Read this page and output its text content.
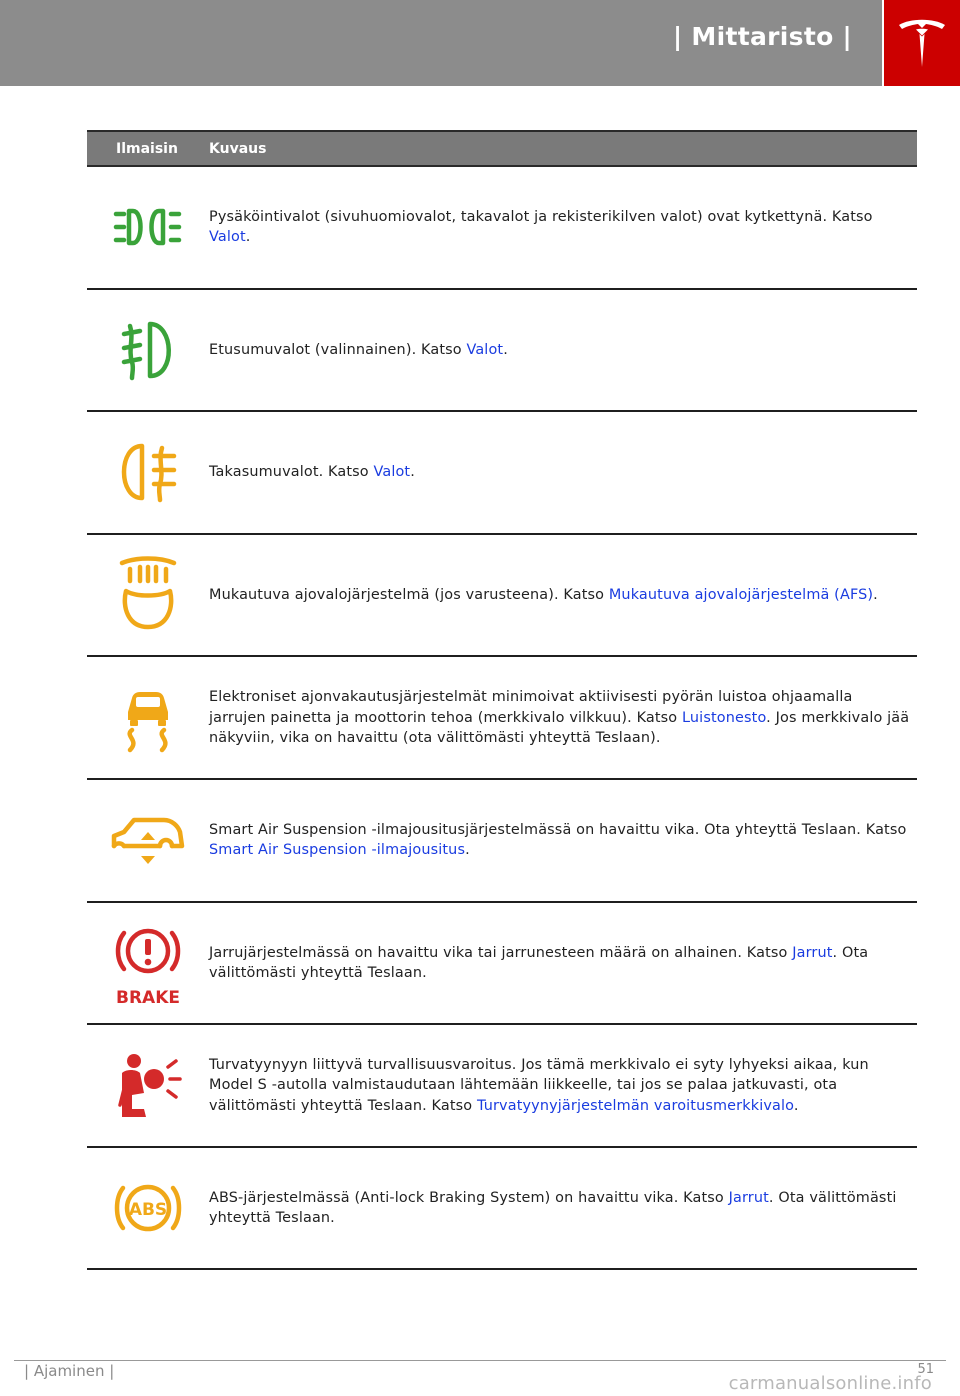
| Mittaristo |
Ilmaisin	Kuvaus
Pysäköintivalot (sivuhuomiovalot, takavalot ja rekisterikilven valot) ovat kytkettynä. Katso Valot.
Etusumuvalot (valinnainen). Katso Valot.
Takasumuvalot. Katso Valot.
Mukautuva ajovalojärjestelmä (jos varusteena). Katso Mukautuva ajovalojärjestelmä (AFS).
Elektroniset ajonvakautusjärjestelmät minimoivat aktiivisesti pyörän luistoa ohjaamalla jarrujen painetta ja moottorin tehoa (merkkivalo vilkkuu). Katso Luistonesto. Jos merkkivalo jää näkyviin, vika on havaittu (ota välittömästi yhteyttä Teslaan).
Smart Air Suspension -ilmajousitusjärjestelmässä on havaittu vika. Ota yhteyttä Teslaan. Katso Smart Air Suspension -ilmajousitus.
BRAKE
Jarrujärjestelmässä on havaittu vika tai jarrunesteen määrä on alhainen. Katso Jarrut. Ota välittömästi yhteyttä Teslaan.
Turvatyynyyn liittyvä turvallisuusvaroitus. Jos tämä merkkivalo ei syty lyhyeksi aikaa, kun Model S -autolla valmistaudutaan lähtemään liikkeelle, tai jos se palaa jatkuvasti, ota välittömästi yhteyttä Teslaan. Katso Turvatyynyjärjestelmän varoitusmerkkivalo.
ABS
ABS-järjestelmässä (Anti-lock Braking System) on havaittu vika. Katso Jarrut. Ota välittömästi yhteyttä Teslaan.
| Ajaminen |	51
carmanualsonline.info
